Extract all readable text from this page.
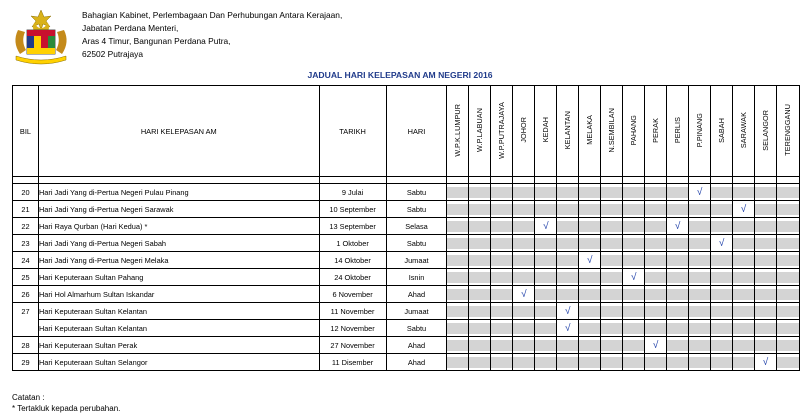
Bahagian Kabinet, Perlembagaan Dan Perhubungan Antara Kerajaan,
Jabatan Perdana Menteri,
Aras 4 Timur, Bangunan Perdana Putra,
62502 Putrajaya
JADUAL HARI KELEPASAN AM NEGERI 2016
BIL	HARI KELEPASAN AM	TARIKH	HARI	W.P.K.LUMPUR	W.P.LABUAN	W.P.PUTRAJAYA	JOHOR	KEDAH	KELANTAN	MELAKA	N.SEMBILAN	PAHANG	PERAK	PERLIS	P.PINANG	SABAH	SARAWAK	SELANGOR	TERENGGANU

20	Hari Jadi Yang di-Pertua Negeri Pulau Pinang	9 Julai	Sabtu												√				

21	Hari Jadi Yang di-Pertua Negeri Sarawak	10 September	Sabtu														√		

22	Hari Raya Qurban (Hari Kedua) *	13 September	Selasa					√						√					

23	Hari Jadi Yang di-Pertua Negeri Sabah	1 Oktober	Sabtu													√			

24	Hari Jadi Yang di-Pertua Negeri Melaka	14 Oktober	Jumaat							√									

25	Hari Keputeraan Sultan Pahang	24 Oktober	Isnin									√							

26	Hari Hol Almarhum Sultan Iskandar	6 November	Ahad				√												

27	Hari Keputeraan Sultan Kelantan	11 November	Jumaat						√										

	Hari Keputeraan Sultan Kelantan	12 November	Sabtu						√										

28	Hari Keputeraan Sultan Perak	27 November	Ahad										√						

29	Hari Keputeraan Sultan Selangor	11 Disember	Ahad															√	

Catatan :
* Tertakluk kepada perubahan.
